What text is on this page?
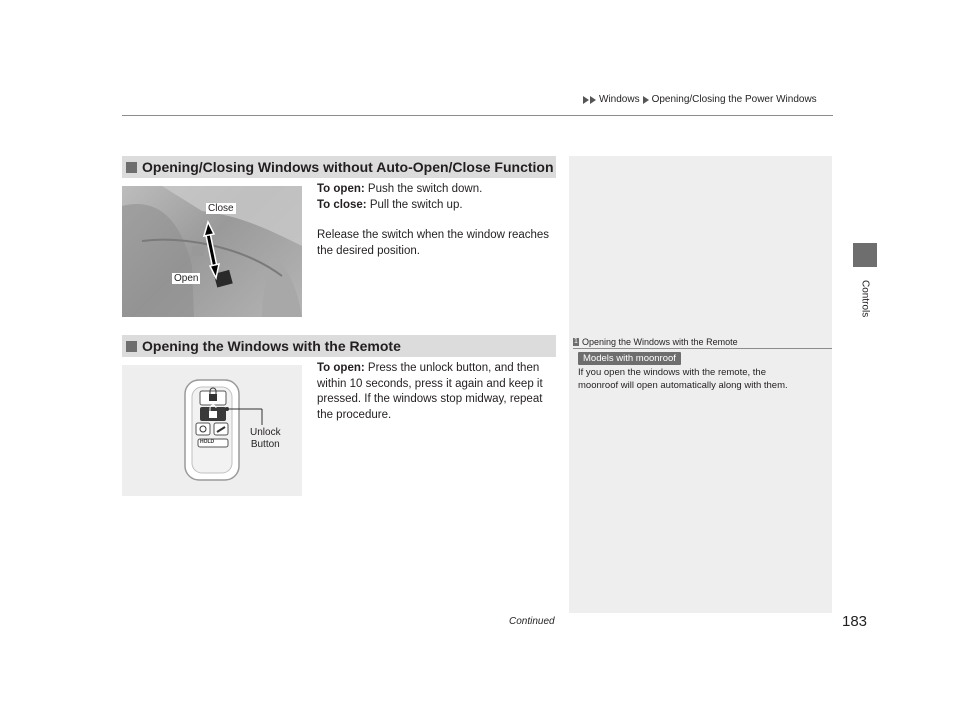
Windows Opening/Closing the Power Windows
Controls
Opening/Closing Windows without Auto-Open/Close Function
Close
Open
To open: Push the switch down.
To close: Pull the switch up.
Release the switch when the window reaches
the desired position.
Opening the Windows with the Remote
HOLD
Unlock
Button
To open: Press the unlock button, and then
within 10 seconds, press it again and keep it
pressed. If the windows stop midway, repeat
the procedure.
1 Opening the Windows with the Remote
Models with moonroof
If you open the windows with the remote, the
moonroof will open automatically along with them.
Continued	183
